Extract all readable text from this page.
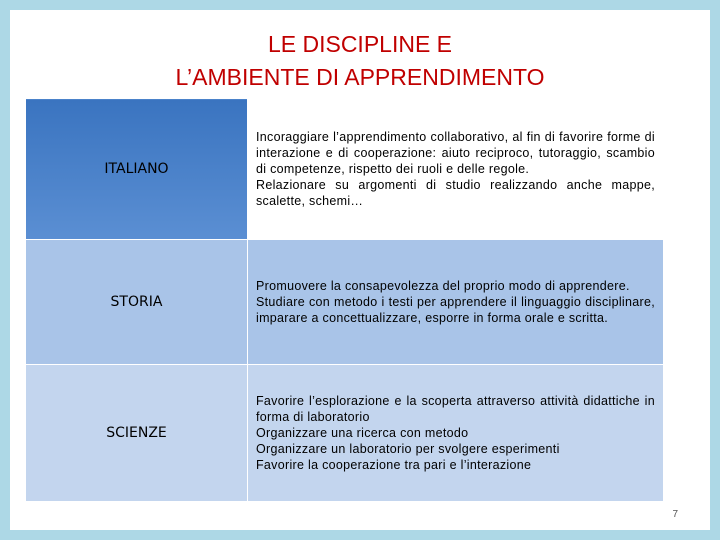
LE DISCIPLINE E
L’AMBIENTE DI APPRENDIMENTO
ITALIANO	Incoraggiare l’apprendimento collaborativo, al fin di favorire forme di interazione e di cooperazione: aiuto reciproco, tutoraggio, scambio di competenze, rispetto dei ruoli e delle regole.
Relazionare su argomenti di studio realizzando anche mappe, scalette, schemi…

STORIA	Promuovere la consapevolezza del proprio modo di apprendere.
Studiare con metodo i testi per apprendere il linguaggio disciplinare, imparare a concettualizzare, esporre in forma orale e scritta.

SCIENZE	Favorire l’esplorazione e la scoperta attraverso attività didattiche in forma di laboratorio
Organizzare una ricerca con metodo
Organizzare un laboratorio per svolgere esperimenti
Favorire la cooperazione tra pari e l’interazione
7
